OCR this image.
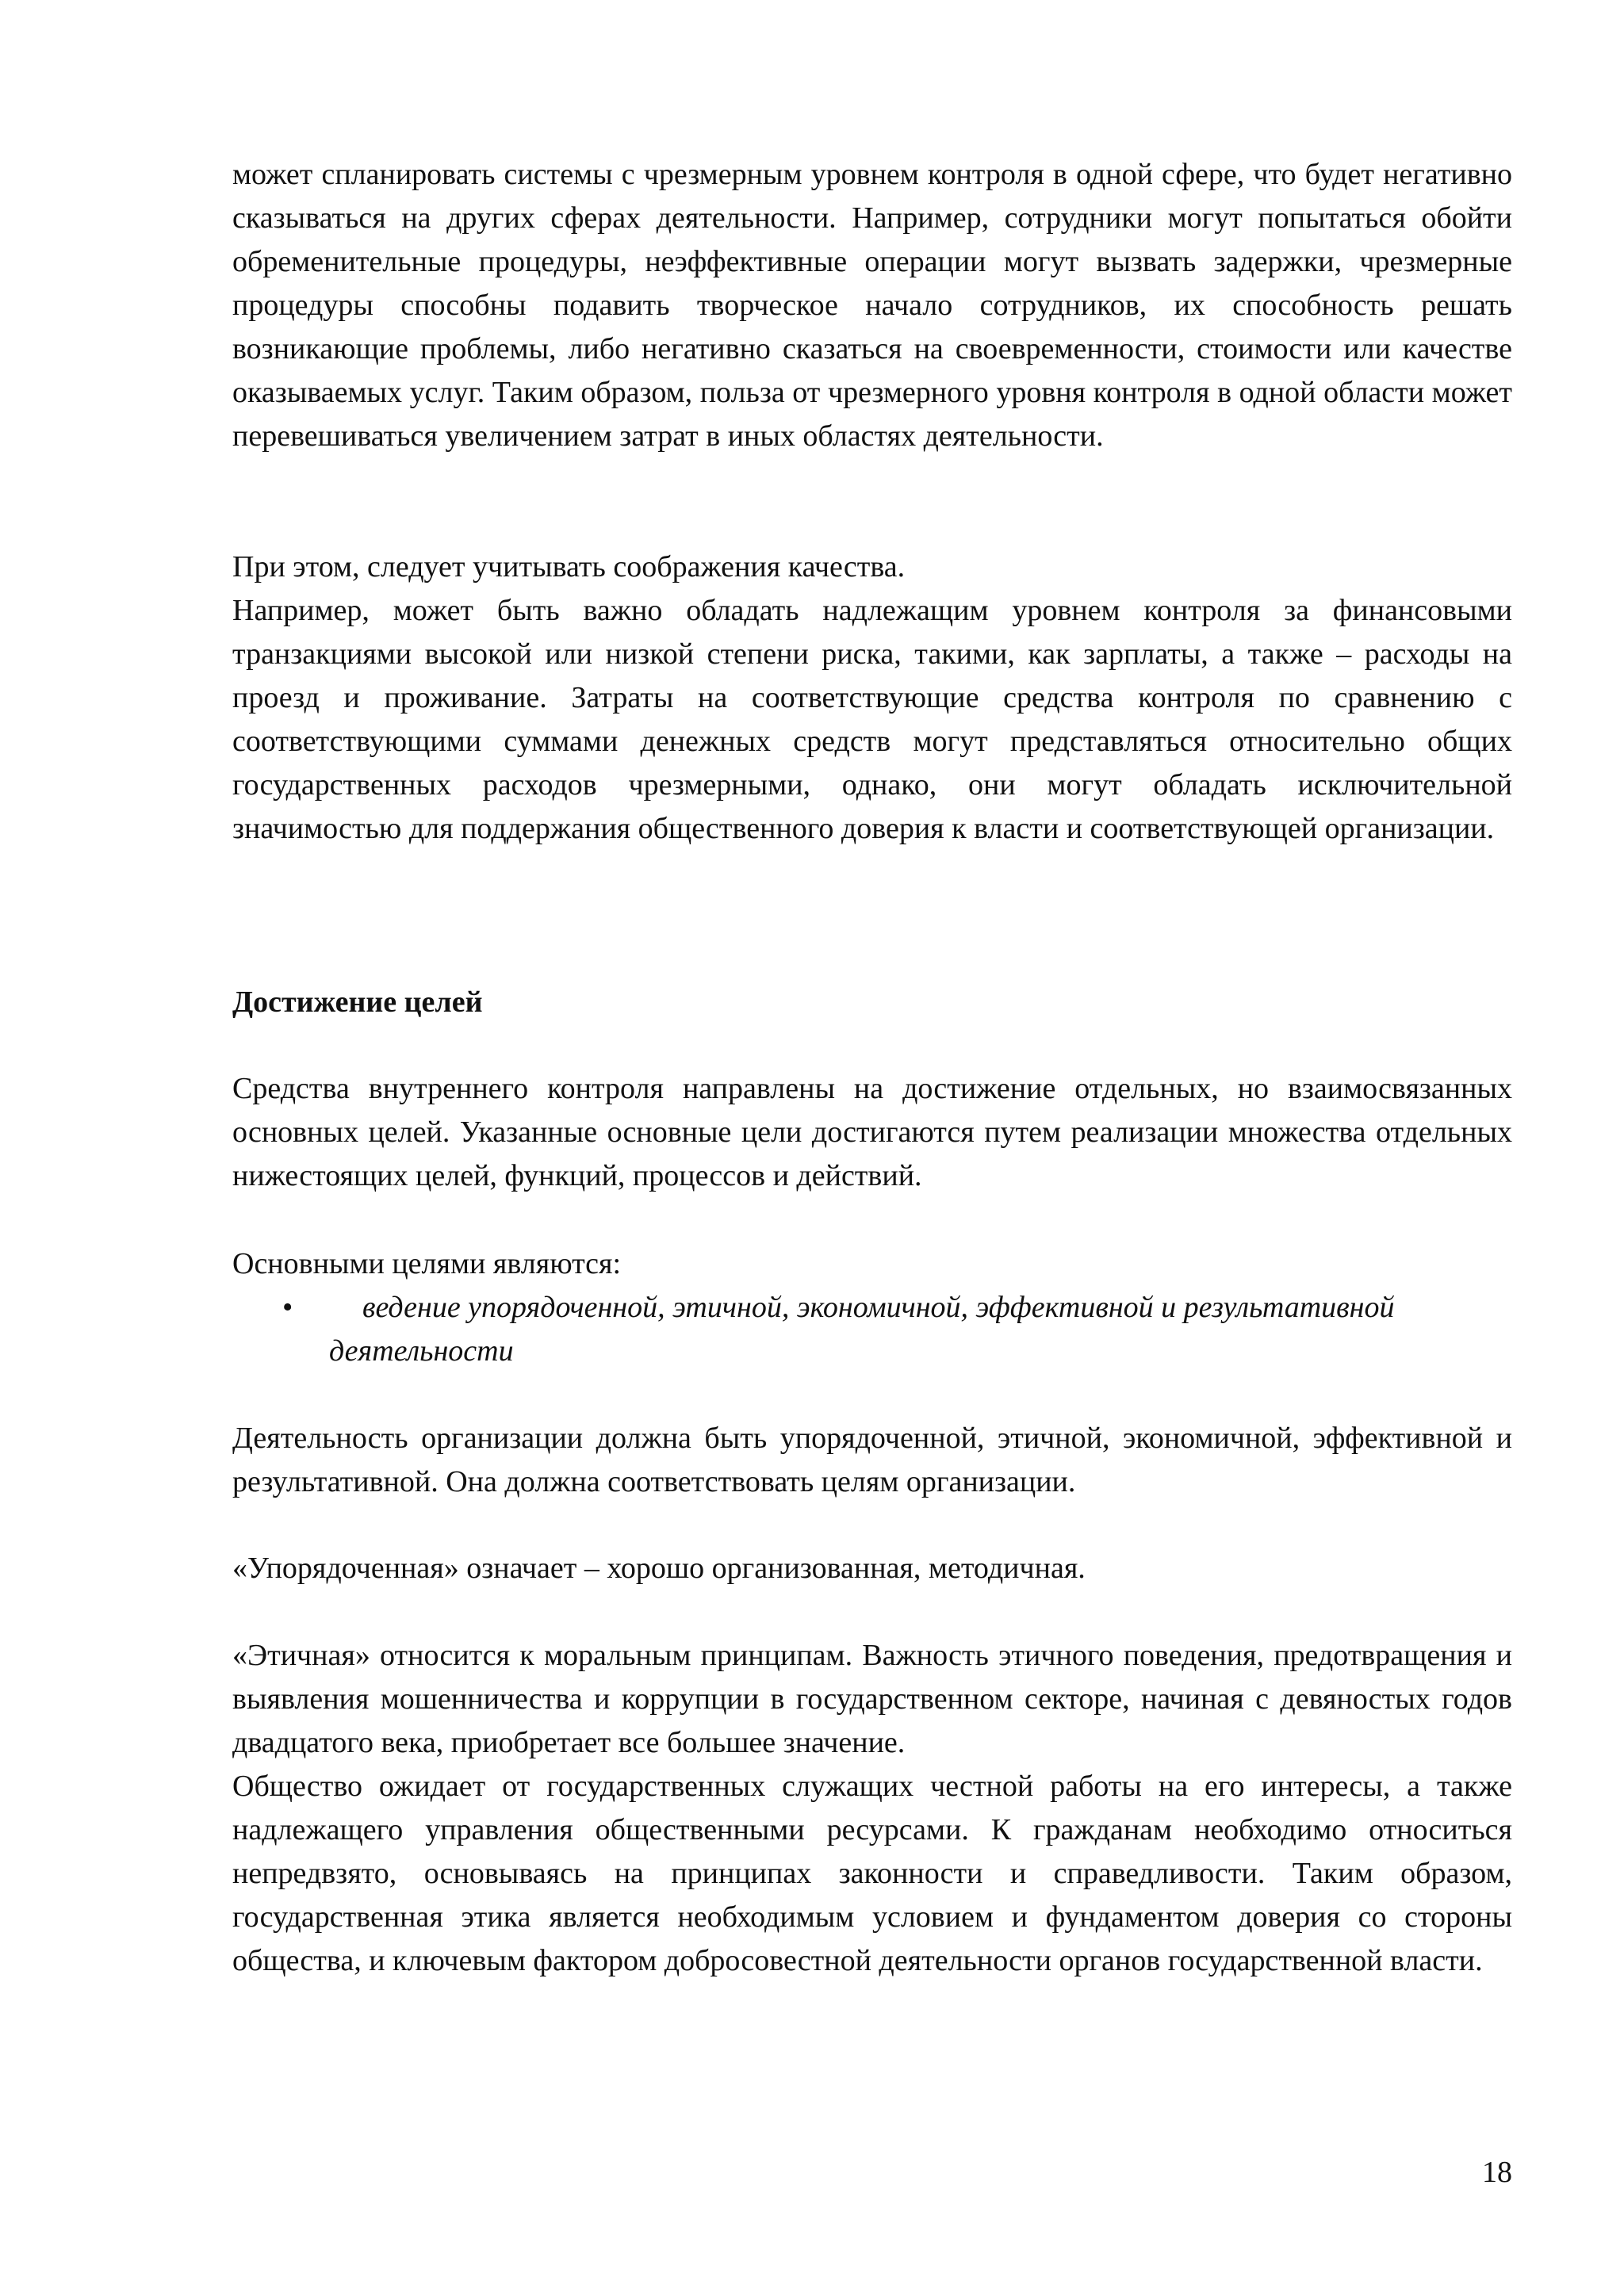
может спланировать системы с чрезмерным уровнем контроля в одной сфере, что будет негативно сказываться на других сферах деятельности. Например, сотрудники могут попытаться обойти обременительные процедуры, неэффективные операции могут вызвать задержки, чрезмерные процедуры способны подавить творческое начало сотрудников, их способность решать возникающие проблемы, либо негативно сказаться на своевременности, стоимости или качестве оказываемых услуг. Таким образом, польза от чрезмерного уровня контроля в одной области может перевешиваться увеличением затрат в иных областях деятельности.

При этом, следует учитывать соображения качества.

Например, может быть важно обладать надлежащим уровнем контроля за финансовыми транзакциями высокой или низкой степени риска, такими, как зарплаты, а также – расходы на проезд и проживание. Затраты на соответствующие средства контроля по сравнению с соответствующими суммами денежных средств могут представляться относительно общих государственных расходов чрезмерными, однако, они могут обладать исключительной значимостью для поддержания общественного доверия к власти и соответствующей организации.

Достижение целей

Средства внутреннего контроля направлены на достижение отдельных, но взаимосвязанных основных целей. Указанные основные цели достигаются путем реализации множества отдельных нижестоящих целей, функций, процессов и действий.

Основными целями являются:

•	ведение упорядоченной, этичной, экономичной, эффективной и результативной деятельности

Деятельность организации должна быть упорядоченной, этичной, экономичной, эффективной и результативной. Она должна соответствовать целям организации.

«Упорядоченная» означает – хорошо организованная, методичная.

«Этичная» относится к моральным принципам. Важность этичного поведения, предотвращения и выявления мошенничества и коррупции в государственном секторе, начиная с девяностых годов двадцатого века, приобретает все большее значение.

Общество ожидает от государственных служащих честной работы на его интересы, а также надлежащего управления общественными ресурсами. К гражданам необходимо относиться непредвзято, основываясь на принципах законности и справедливости. Таким образом, государственная этика является необходимым условием и фундаментом доверия со стороны общества, и ключевым фактором добросовестной деятельности органов государственной власти.

18
